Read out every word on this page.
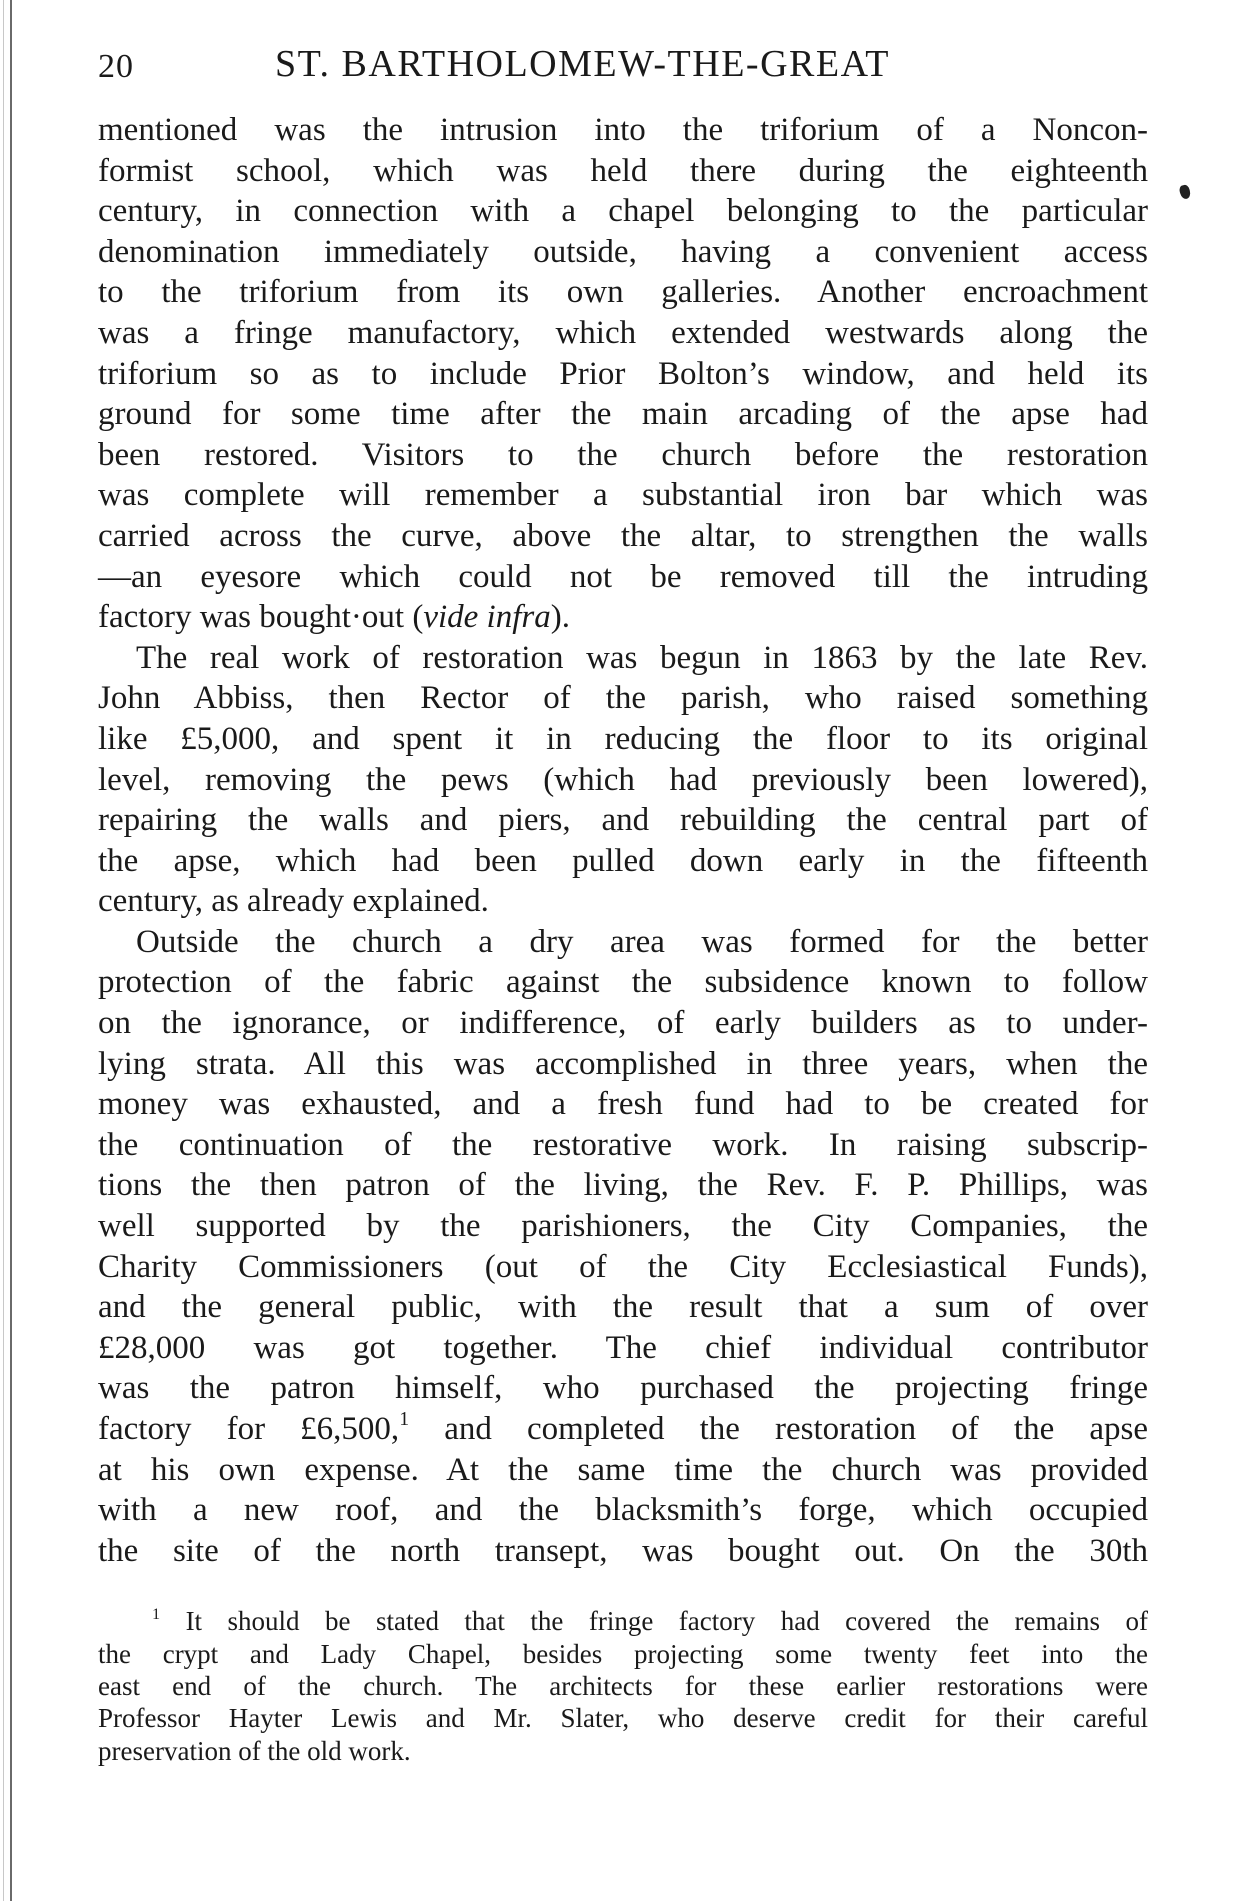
20	ST. BARTHOLOMEW-THE-GREAT
mentioned was the intrusion into the triforium of a Noncon-
formist school, which was held there during the eighteenth
century, in connection with a chapel belonging to the particular
denomination immediately outside, having a convenient access
to the triforium from its own galleries. Another encroachment
was a fringe manufactory, which extended westwards along the
triforium so as to include Prior Bolton’s window, and held its
ground for some time after the main arcading of the apse had
been restored. Visitors to the church before the restoration
was complete will remember a substantial iron bar which was
carried across the curve, above the altar, to strengthen the walls
—an eyesore which could not be removed till the intruding
factory was bought·out (vide infra).
The real work of restoration was begun in 1863 by the late Rev.
John Abbiss, then Rector of the parish, who raised something
like £5,000, and spent it in reducing the floor to its original
level, removing the pews (which had previously been lowered),
repairing the walls and piers, and rebuilding the central part of
the apse, which had been pulled down early in the fifteenth
century, as already explained.
Outside the church a dry area was formed for the better
protection of the fabric against the subsidence known to follow
on the ignorance, or indifference, of early builders as to under-
lying strata. All this was accomplished in three years, when the
money was exhausted, and a fresh fund had to be created for
the continuation of the restorative work. In raising subscrip-
tions the then patron of the living, the Rev. F. P. Phillips, was
well supported by the parishioners, the City Companies, the
Charity Commissioners (out of the City Ecclesiastical Funds),
and the general public, with the result that a sum of over
£28,000 was got together. The chief individual contributor
was the patron himself, who purchased the projecting fringe
factory for £6,500,$^1$ and completed the restoration of the apse
at his own expense. At the same time the church was provided
with a new roof, and the blacksmith’s forge, which occupied
the site of the north transept, was bought out. On the 30th
$^1$ It should be stated that the fringe factory had covered the remains of
the crypt and Lady Chapel, besides projecting some twenty feet into the
east end of the church. The architects for these earlier restorations were
Professor Hayter Lewis and Mr. Slater, who deserve credit for their careful
preservation of the old work.
